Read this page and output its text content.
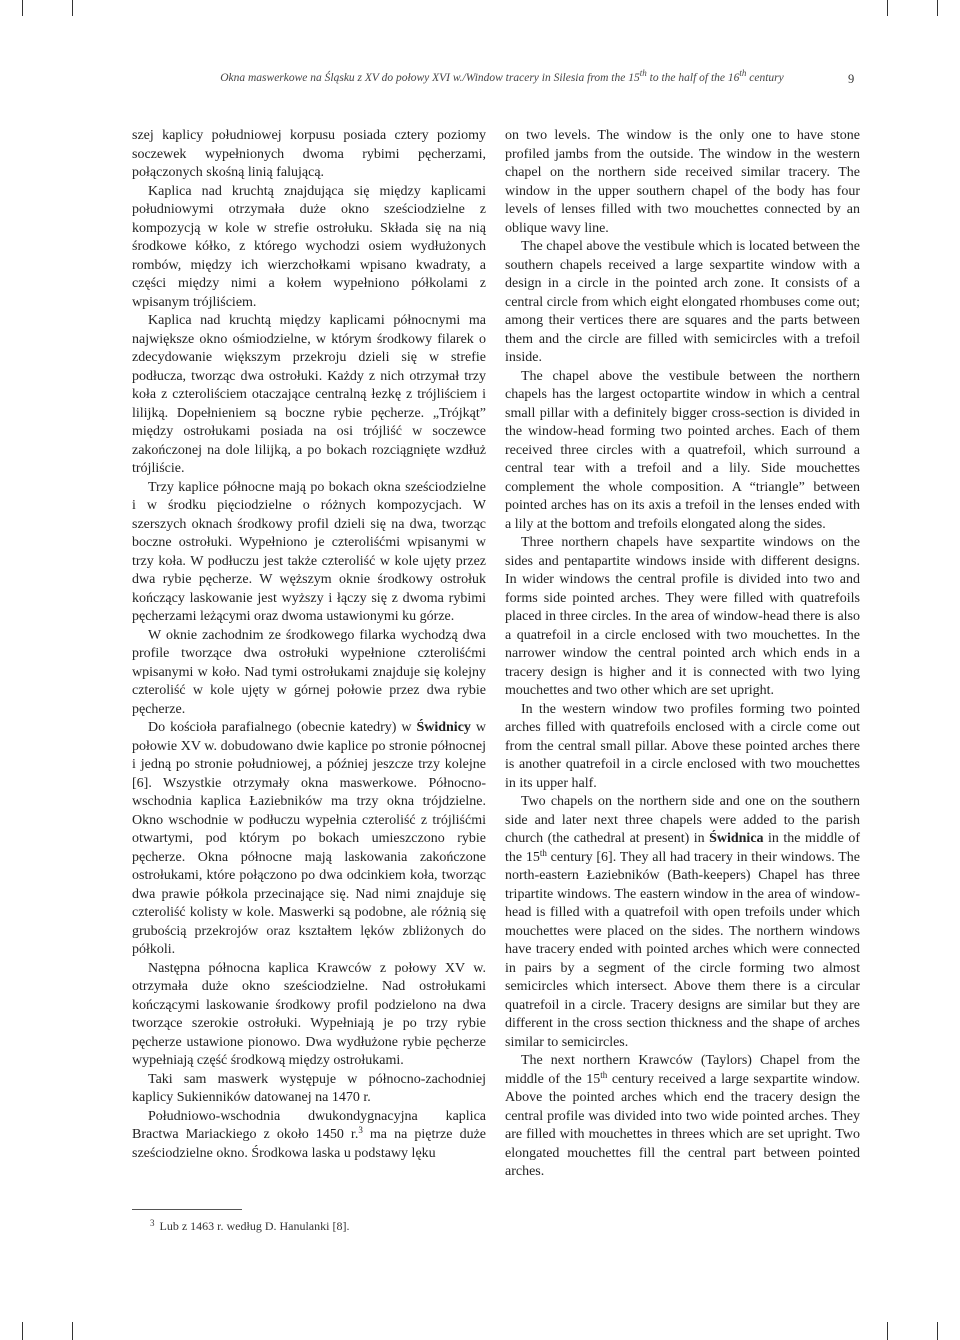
Okna maswerkowe na Śląsku z XV do połowy XVI w./Window tracery in Silesia from the 15th to the half of the 16th century	9

szej kaplicy południowej korpusu posiada cztery poziomy soczewek wypełnionych dwoma rybimi pęcherzami, połączonych skośną linią falującą.

Kaplica nad kruchtą znajdująca się między kaplicami południowymi otrzymała duże okno sześciodzielne z kompozycją w kole w strefie ostrołuku. Składa się na nią środkowe kółko, z którego wychodzi osiem wydłużonych rombów, między ich wierzchołkami wpisano kwadraty, a części między nimi a kołem wypełniono półkolami z wpisanym trójliściem.

Kaplica nad kruchtą między kaplicami północnymi ma największe okno ośmiodzielne, w którym środkowy filarek o zdecydowanie większym przekroju dzieli się w strefie podłucza, tworząc dwa ostrołuki. Każdy z nich otrzymał trzy koła z czteroliściem otaczające centralną łezkę z trójliściem i lilijką. Dopełnieniem są boczne rybie pęcherze. „Trójkąt” między ostrołukami posiada na osi trójliść w soczewce zakończonej na dole lilijką, a po bokach rozciągnięte wzdłuż trójliście.

Trzy kaplice północne mają po bokach okna sześciodzielne i w środku pięciodzielne o różnych kompozycjach. W szerszych oknach środkowy profil dzieli się na dwa, tworząc boczne ostrołuki. Wypełniono je czteroliśćmi wpisanymi w trzy koła. W podłuczu jest także czteroliść w kole ujęty przez dwa rybie pęcherze. W węższym oknie środkowy ostrołuk kończący laskowanie jest wyższy i łączy się z dwoma rybimi pęcherzami leżącymi oraz dwoma ustawionymi ku górze.

W oknie zachodnim ze środkowego filarka wychodzą dwa profile tworzące dwa ostrołuki wypełnione czteroliśćmi wpisanymi w koło. Nad tymi ostrołukami znajduje się kolejny czteroliść w kole ujęty w górnej połowie przez dwa rybie pęcherze.

Do kościoła parafialnego (obecnie katedry) w Świdnicy w połowie XV w. dobudowano dwie kaplice po stronie północnej i jedną po stronie południowej, a później jeszcze trzy kolejne [6]. Wszystkie otrzymały okna maswerkowe. Północno-wschodnia kaplica Łaziebników ma trzy okna trójdzielne. Okno wschodnie w podłuczu wypełnia czteroliść z trójliśćmi otwartymi, pod którym po bokach umieszczono rybie pęcherze. Okna północne mają laskowania zakończone ostrołukami, które połączono po dwa odcinkiem koła, tworząc dwa prawie półkola przecinające się. Nad nimi znajduje się czteroliść kolisty w kole. Maswerki są podobne, ale różnią się grubością przekrojów oraz kształtem lęków zbliżonych do półkoli.

Następna północna kaplica Krawców z połowy XV w. otrzymała duże okno sześciodzielne. Nad ostrołukami kończącymi laskowanie środkowy profil podzielono na dwa tworzące szerokie ostrołuki. Wypełniają je po trzy rybie pęcherze ustawione pionowo. Dwa wydłużone rybie pęcherze wypełniają część środkową między ostrołukami.

Taki sam maswerk występuje w północno-zachodniej kaplicy Sukienników datowanej na 1470 r.

Południowo-wschodnia dwukondygnacyjna kaplica Bractwa Mariackiego z około 1450 r.$^3$ ma na piętrze duże sześciodzielne okno. Środkowa laska u podstawy lęku

on two levels. The window is the only one to have stone profiled jambs from the outside. The window in the western chapel on the northern side received similar tracery. The window in the upper southern chapel of the body has four levels of lenses filled with two mouchettes connected by an oblique wavy line.

The chapel above the vestibule which is located between the southern chapels received a large sexpartite window with a design in a circle in the pointed arch zone. It consists of a central circle from which eight elongated rhombuses come out; among their vertices there are squares and the parts between them and the circle are filled with semicircles with a trefoil inside.

The chapel above the vestibule between the northern chapels has the largest octopartite window in which a central small pillar with a definitely bigger cross-section is divided in the window-head forming two pointed arches. Each of them received three circles with a quatrefoil, which surround a central tear with a trefoil and a lily. Side mouchettes complement the whole composition. A “triangle” between pointed arches has on its axis a trefoil in the lenses ended with a lily at the bottom and trefoils elongated along the sides.

Three northern chapels have sexpartite windows on the sides and pentapartite windows inside with different designs. In wider windows the central profile is divided into two and forms side pointed arches. They were filled with quatrefoils placed in three circles. In the area of window-head there is also a quatrefoil in a circle enclosed with two mouchettes. In the narrower window the central pointed arch which ends in a tracery design is higher and it is connected with two lying mouchettes and two other which are set upright.

In the western window two profiles forming two pointed arches filled with quatrefoils enclosed with a circle come out from the central small pillar. Above these pointed arches there is another quatrefoil in a circle enclosed with two mouchettes in its upper half.

Two chapels on the northern side and one on the southern side and later next three chapels were added to the parish church (the cathedral at present) in Świdnica in the middle of the 15th century [6]. They all had tracery in their windows. The north-eastern Łaziebników (Bath-keepers) Chapel has three tripartite windows. The eastern window in the area of window-head is filled with a quatrefoil with open trefoils under which mouchettes were placed on the sides. The northern windows have tracery ended with pointed arches which were connected in pairs by a segment of the circle forming two almost semicircles which intersect. Above them there is a circular quatrefoil in a circle. Tracery designs are similar but they are different in the cross section thickness and the shape of arches similar to semicircles.

The next northern Krawców (Taylors) Chapel from the middle of the 15th century received a large sexpartite window. Above the pointed arches which end the tracery design the central profile was divided into two wide pointed arches. They are filled with mouchettes in threes which are set upright. Two elongated mouchettes fill the central part between pointed arches.

$^3$ Lub z 1463 r. według D. Hanulanki [8].
